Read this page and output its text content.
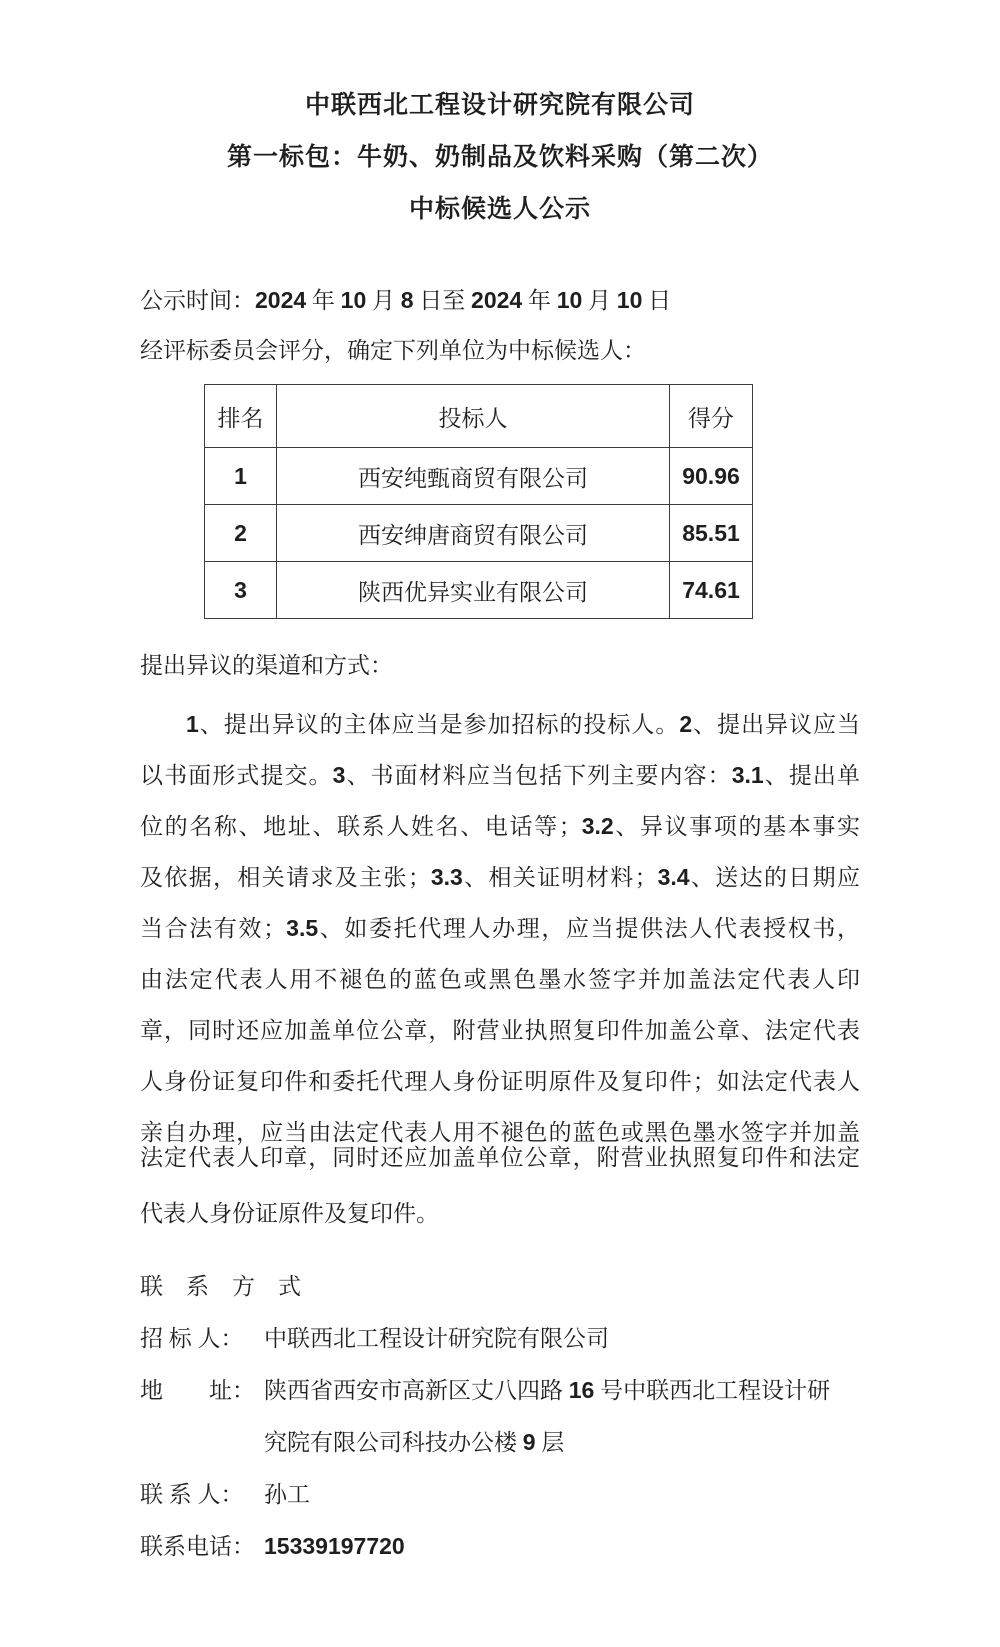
中联西北工程设计研究院有限公司
第一标包：牛奶、奶制品及饮料采购（第二次）
中标候选人公示
公示时间：2024 年 10 月 8 日至 2024 年 10 月 10 日
经评标委员会评分，确定下列单位为中标候选人：
排名	投标人	得分
1	西安纯甄商贸有限公司	90.96
2	西安绅唐商贸有限公司	85.51
3	陕西优异实业有限公司	74.61
提出异议的渠道和方式：
1、提出异议的主体应当是参加招标的投标人。2、提出异议应当
以书面形式提交。3、书面材料应当包括下列主要内容：3.1、提出单
位的名称、地址、联系人姓名、电话等；3.2、异议事项的基本事实
及依据，相关请求及主张；3.3、相关证明材料；3.4、送达的日期应
当合法有效；3.5、如委托代理人办理，应当提供法人代表授权书，
由法定代表人用不褪色的蓝色或黑色墨水签字并加盖法定代表人印
章，同时还应加盖单位公章，附营业执照复印件加盖公章、法定代表
人身份证复印件和委托代理人身份证明原件及复印件；如法定代表人
亲自办理，应当由法定代表人用不褪色的蓝色或黑色墨水签字并加盖
法定代表人印章，同时还应加盖单位公章，附营业执照复印件和法定
代表人身份证原件及复印件。
联　系　方　式
招 标 人： 中联西北工程设计研究院有限公司
地　　址： 陕西省西安市高新区丈八四路 16 号中联西北工程设计研
究院有限公司科技办公楼 9 层
联 系 人： 孙工
联系电话： 15339197720
